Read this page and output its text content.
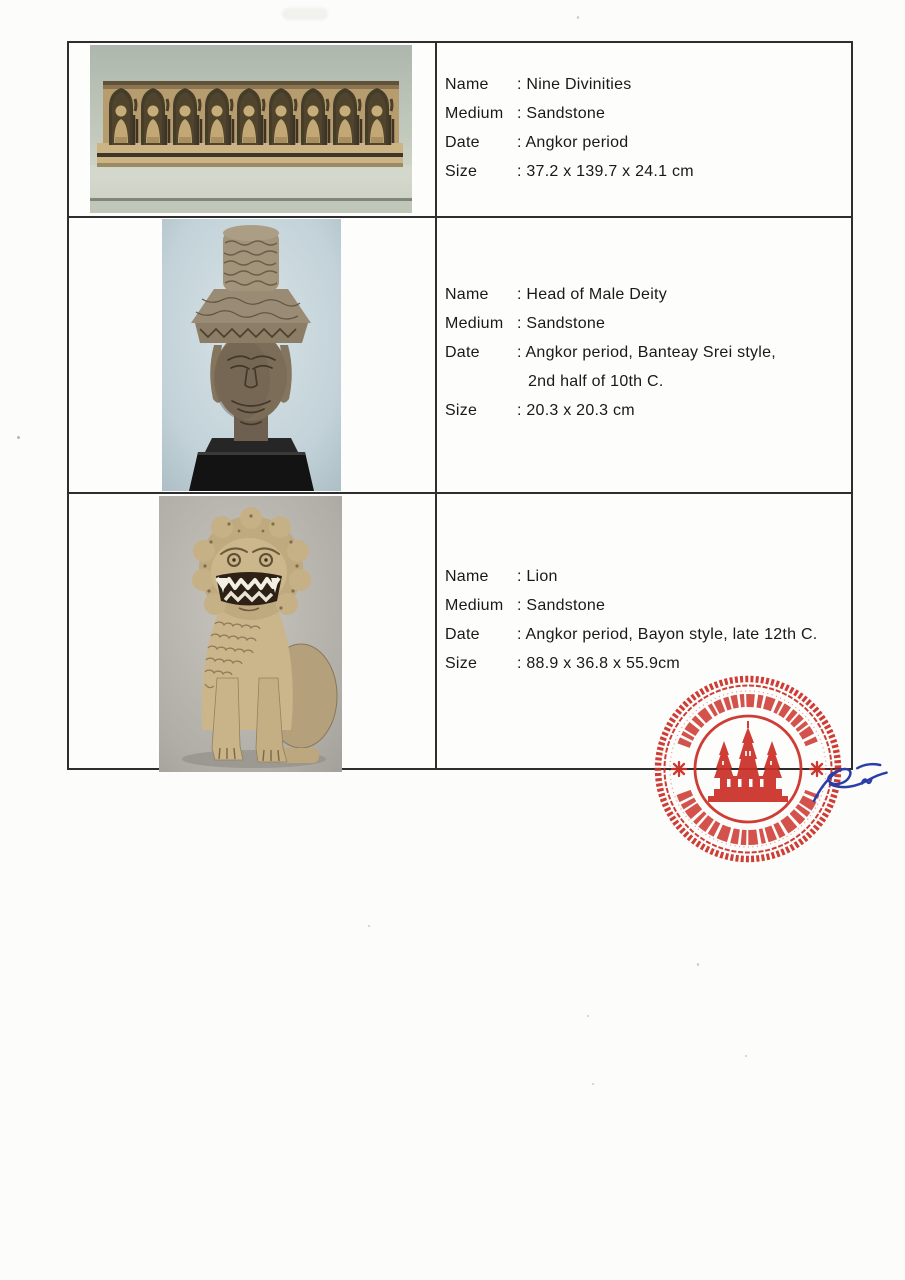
Name	: Nine Divinities
Medium : Sandstone
Date	: Angkor period
Size	: 37.2 x 139.7 x 24.1 cm
Name	: Head of Male Deity
Medium : Sandstone
Date	: Angkor period, Banteay Srei style,
2nd half of 10th C.
Size	: 20.3 x 20.3 cm
Name	: Lion
Medium : Sandstone
Date	: Angkor period, Bayon style, late 12th C.
Size	: 88.9 x 36.8 x 55.9cm
